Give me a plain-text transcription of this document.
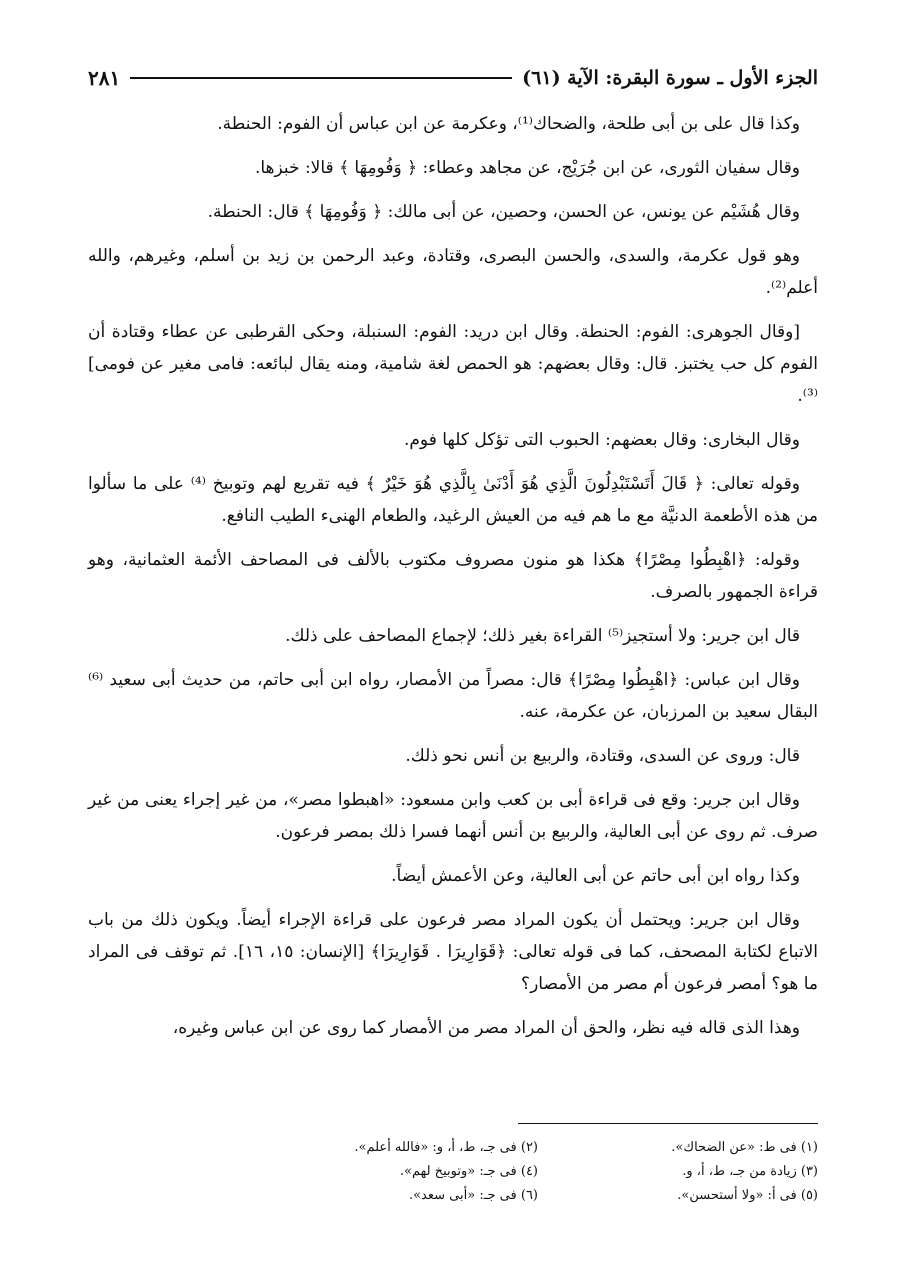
الجزء الأول ـ سورة البقرة: الآية (٦١)
٢٨١

وكذا قال على بن أبى طلحة، والضحاك⁽¹⁾، وعكرمة عن ابن عباس أن الفوم: الحنطة.

وقال سفيان الثورى، عن ابن جُرَيْج، عن مجاهد وعطاء: ﴿ وَفُومِهَا ﴾ قالا: خبزها.

وقال هُشَيْم عن يونس، عن الحسن، وحصين، عن أبى مالك: ﴿ وَفُومِهَا ﴾ قال: الحنطة.

وهو قول عكرمة، والسدى، والحسن البصرى، وقتادة، وعبد الرحمن بن زيد بن أسلم، وغيرهم، والله أعلم⁽²⁾.

[وقال الجوهرى: الفوم: الحنطة. وقال ابن دريد: الفوم: السنبلة، وحكى القرطبى عن عطاء وقتادة أن الفوم كل حب يختبز. قال: وقال بعضهم: هو الحمص لغة شامية، ومنه يقال لبائعه: فامى مغير عن فومى]⁽³⁾.

وقال البخارى: وقال بعضهم: الحبوب التى تؤكل كلها فوم.

وقوله تعالى: ﴿ قَالَ أَتَسْتَبْدِلُونَ الَّذِي هُوَ أَدْنَىٰ بِالَّذِي هُوَ خَيْرٌ ﴾ فيه تقريع لهم وتوبيخ ⁽⁴⁾ على ما سألوا من هذه الأطعمة الدنيَّة مع ما هم فيه من العيش الرغيد، والطعام الهنىء الطيب النافع.

وقوله: ﴿اهْبِطُوا مِصْرًا﴾ هكذا هو منون مصروف مكتوب بالألف فى المصاحف الأئمة العثمانية، وهو قراءة الجمهور بالصرف.

قال ابن جرير: ولا أستجيز⁽⁵⁾ القراءة بغير ذلك؛ لإجماع المصاحف على ذلك.

وقال ابن عباس: ﴿اهْبِطُوا مِصْرًا﴾ قال: مصراً من الأمصار، رواه ابن أبى حاتم، من حديث أبى سعيد ⁽⁶⁾البقال سعيد بن المرزبان، عن عكرمة، عنه.

قال: وروى عن السدى، وقتادة، والربيع بن أنس نحو ذلك.

وقال ابن جرير: وقع فى قراءة أبى بن كعب وابن مسعود: «اهبطوا مصر»، من غير إجراء يعنى من غير صرف. ثم روى عن أبى العالية، والربيع بن أنس أنهما فسرا ذلك بمصر فرعون.

وكذا رواه ابن أبى حاتم عن أبى العالية، وعن الأعمش أيضاً.

وقال ابن جرير: ويحتمل أن يكون المراد مصر فرعون على قراءة الإجراء أيضاً. ويكون ذلك من باب الاتباع لكتابة المصحف، كما فى قوله تعالى: ﴿قَوَارِيرَا . قَوَارِيرَا﴾ [الإنسان: ١٥، ١٦]. ثم توقف فى المراد ما هو؟ أمصر فرعون أم مصر من الأمصار؟

وهذا الذى قاله فيه نظر، والحق أن المراد مصر من الأمصار كما روى عن ابن عباس وغيره،

(١) فى ط: «عن الضحاك».
(٢) فى جـ، ط، أ، و: «فالله أعلم».
(٣) زيادة من جـ، ط، أ، و.
(٤) فى جـ: «وتوبيخ لهم».
(٥) فى أ: «ولا أستحسن».
(٦) فى جـ: «أبى سعد».
